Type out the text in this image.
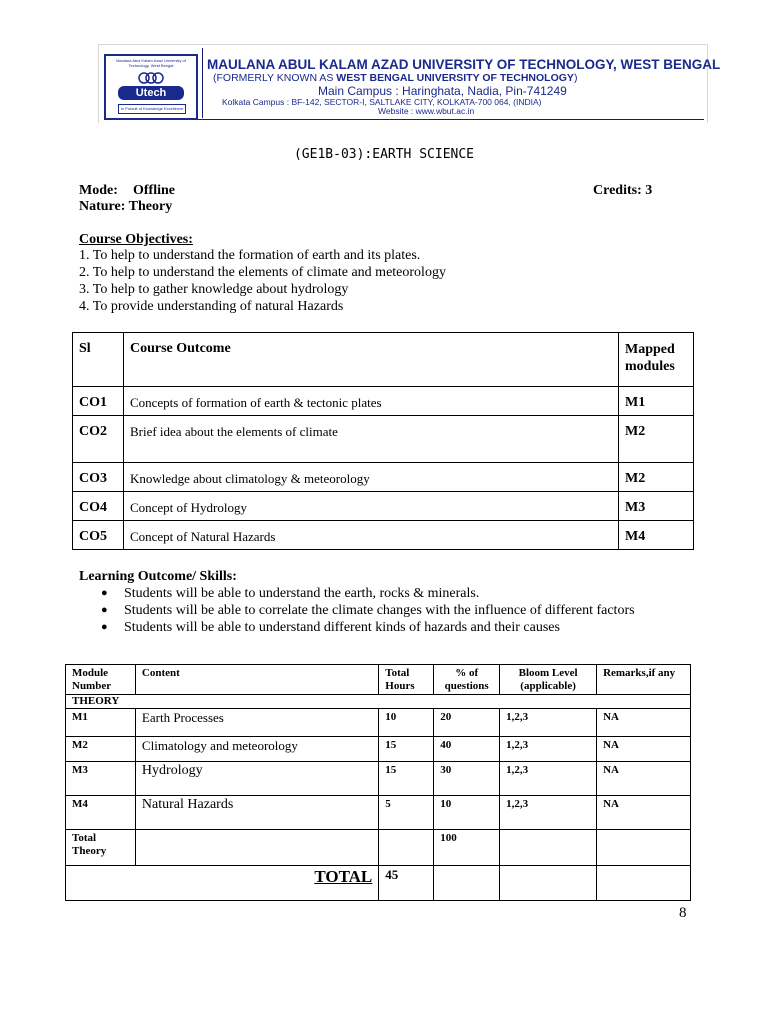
Maulana Abul Kalam Azad University of Technology, West Bengal
Utech
In Pursuit of Knowledge Excellence
MAULANA ABUL KALAM AZAD UNIVERSITY OF TECHNOLOGY, WEST BENGAL
(FORMERLY KNOWN AS WEST BENGAL UNIVERSITY OF TECHNOLOGY)
Main Campus : Haringhata, Nadia, Pin-741249
Kolkata Campus : BF-142, SECTOR-I, SALTLAKE CITY, KOLKATA-700 064, (INDIA)
Website : www.wbut.ac.in
(GE1B-03):EARTH SCIENCE
Mode: Offline	Credits: 3
Nature: Theory
Course Objectives:
1. To help to understand the formation of earth and its plates.
2. To help to understand the elements of climate and meteorology
3. To help to gather knowledge about hydrology
4. To provide understanding of natural Hazards
Sl	Course Outcome	Mapped modules
CO1	Concepts of formation of earth & tectonic plates	M1
CO2	Brief idea about the elements of climate	M2
CO3	Knowledge about climatology & meteorology	M2
CO4	Concept of Hydrology	M3
CO5	Concept of Natural Hazards	M4
Learning Outcome/ Skills:
● Students will be able to understand the earth, rocks & minerals.
● Students will be able to correlate the climate changes with the influence of different factors
● Students will be able to understand different kinds of hazards and their causes
Module Number	Content	Total Hours	% of questions	Bloom Level (applicable)	Remarks,if any
THEORY					
M1	Earth Processes	10	20	1,2,3	NA
M2	Climatology and meteorology	15	40	1,2,3	NA
M3	Hydrology	15	30	1,2,3	NA
M4	Natural Hazards	5	10	1,2,3	NA
Total Theory			100		
TOTAL		45			
8
